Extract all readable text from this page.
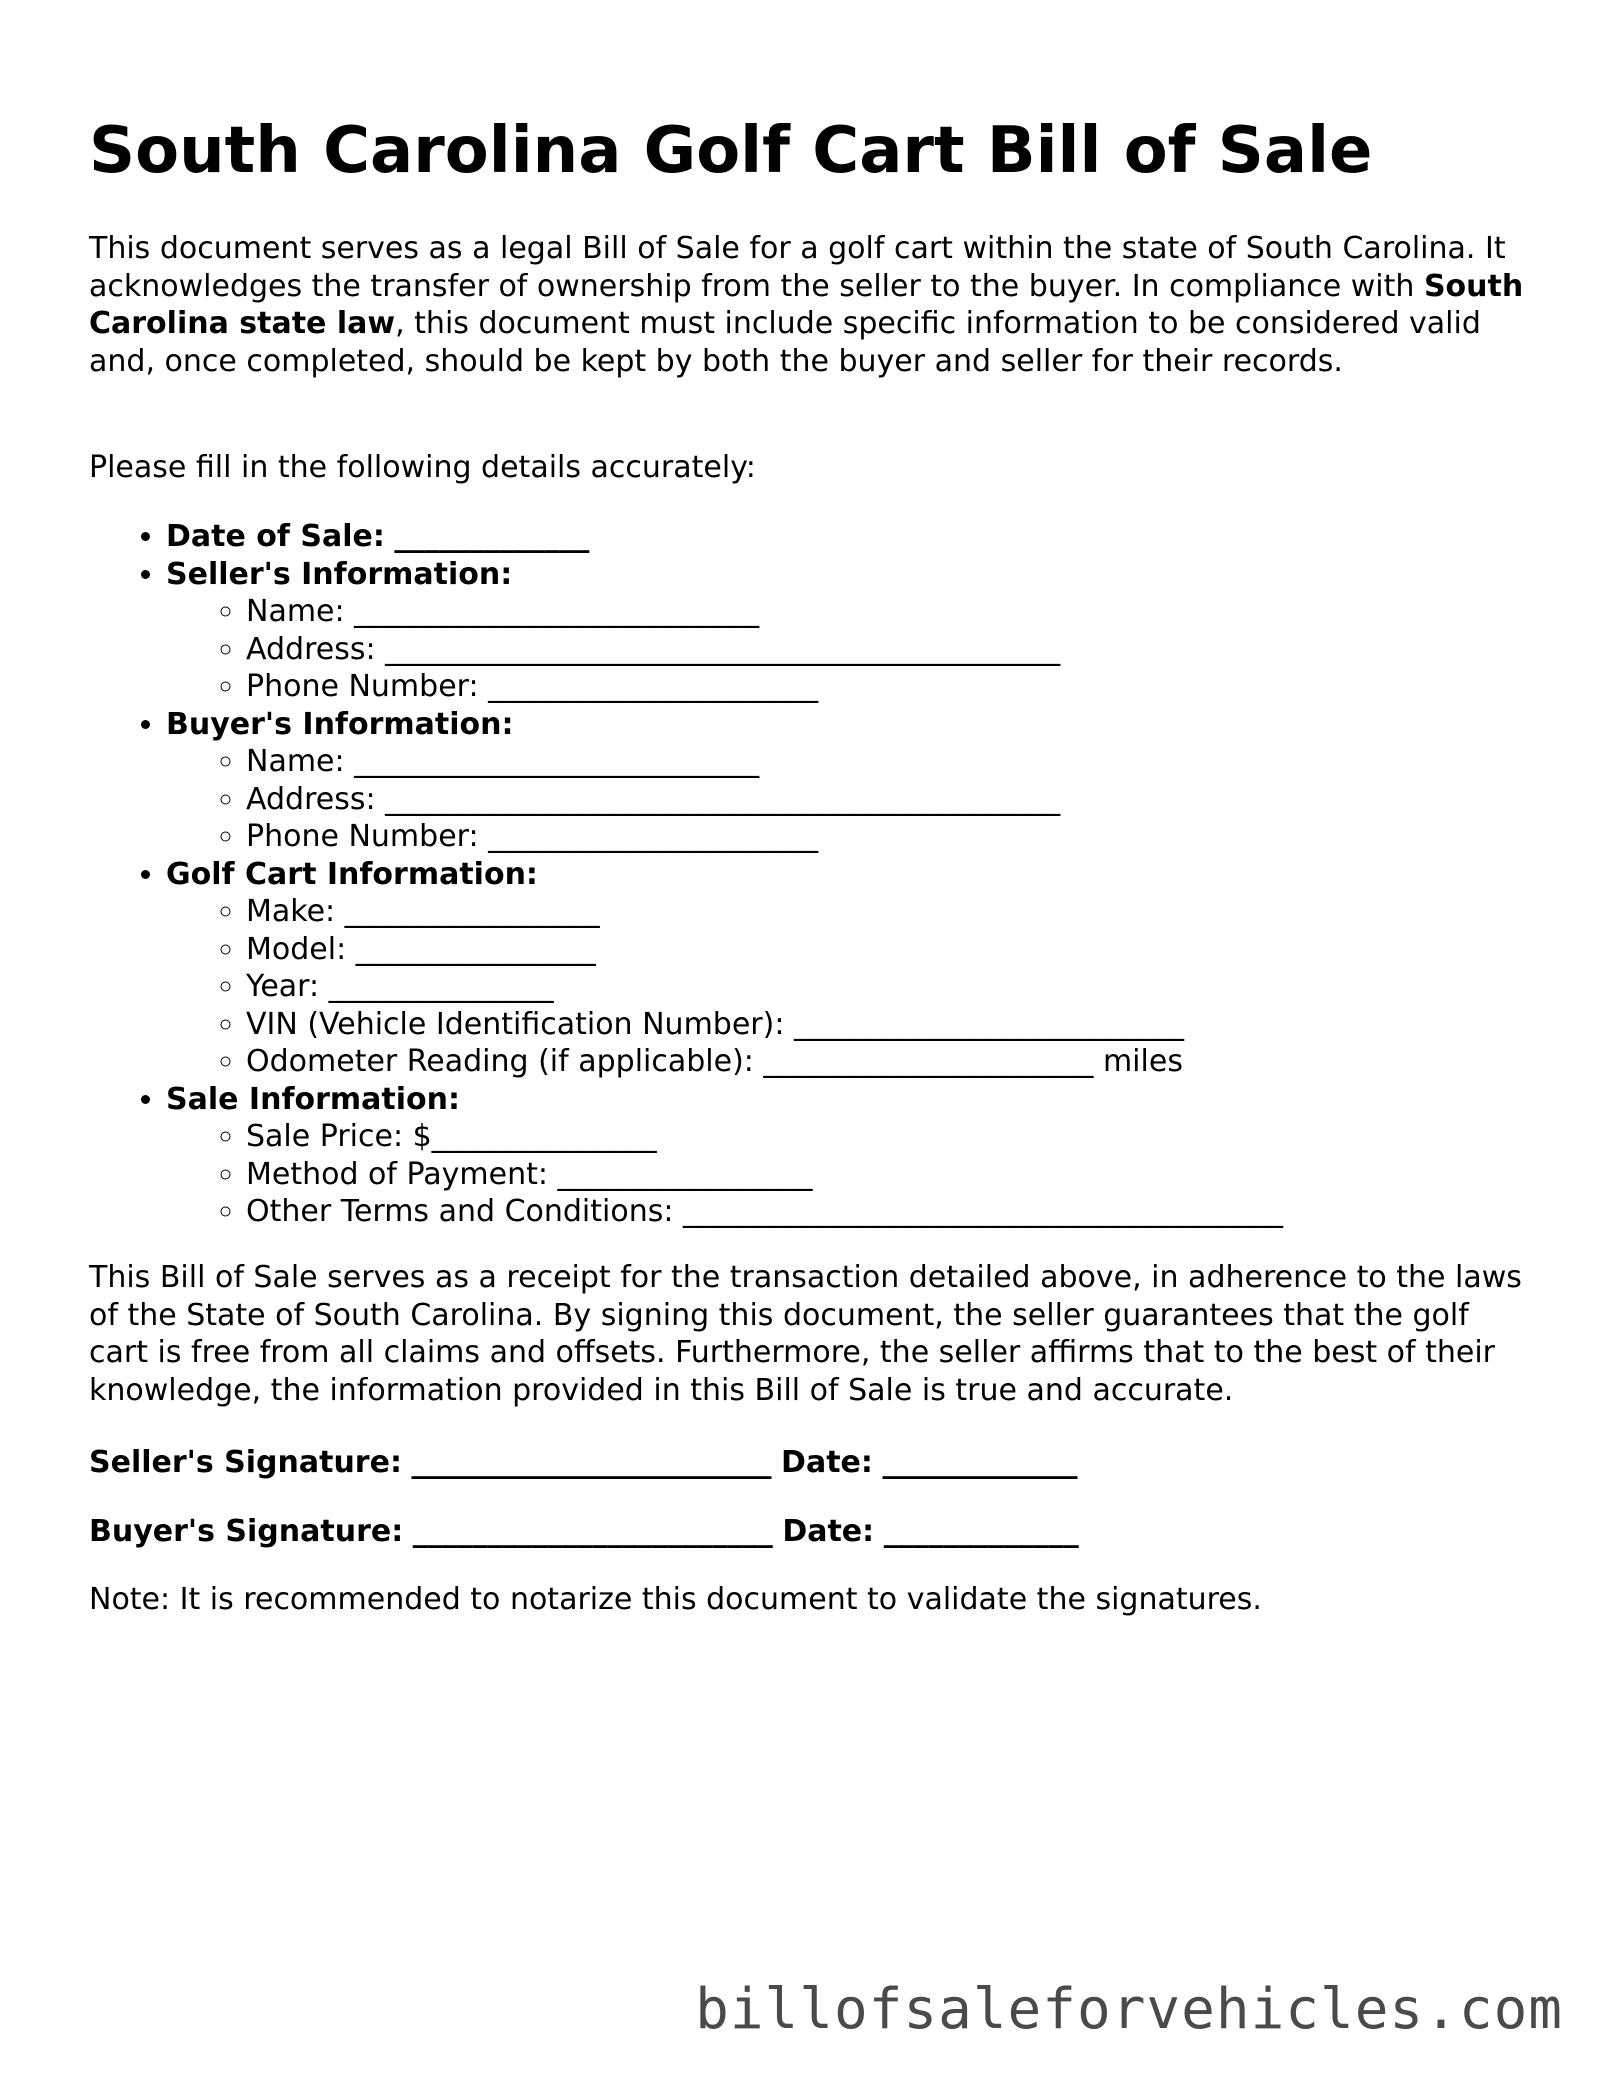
South Carolina Golf Cart Bill of Sale

This document serves as a legal Bill of Sale for a golf cart within the state of South Carolina. It acknowledges the transfer of ownership from the seller to the buyer. In compliance with South Carolina state law, this document must include specific information to be considered valid and, once completed, should be kept by both the buyer and seller for their records.

Please fill in the following details accurately:

• Date of Sale: _____________
• Seller's Information:
◦ Name: ___________________________
◦ Address: _____________________________________________
◦ Phone Number: ______________________
• Buyer's Information:
◦ Name: ___________________________
◦ Address: _____________________________________________
◦ Phone Number: ______________________
• Golf Cart Information:
◦ Make: _________________
◦ Model: ________________
◦ Year: _______________
◦ VIN (Vehicle Identification Number): __________________________
◦ Odometer Reading (if applicable): ______________________ miles
• Sale Information:
◦ Sale Price: $_______________
◦ Method of Payment: _________________
◦ Other Terms and Conditions: ________________________________________

This Bill of Sale serves as a receipt for the transaction detailed above, in adherence to the laws of the State of South Carolina. By signing this document, the seller guarantees that the golf cart is free from all claims and offsets. Furthermore, the seller affirms that to the best of their knowledge, the information provided in this Bill of Sale is true and accurate.

Seller's Signature: ________________________ Date: _____________

Buyer's Signature: ________________________ Date: _____________

Note: It is recommended to notarize this document to validate the signatures.

billofsaleforvehicles.com
